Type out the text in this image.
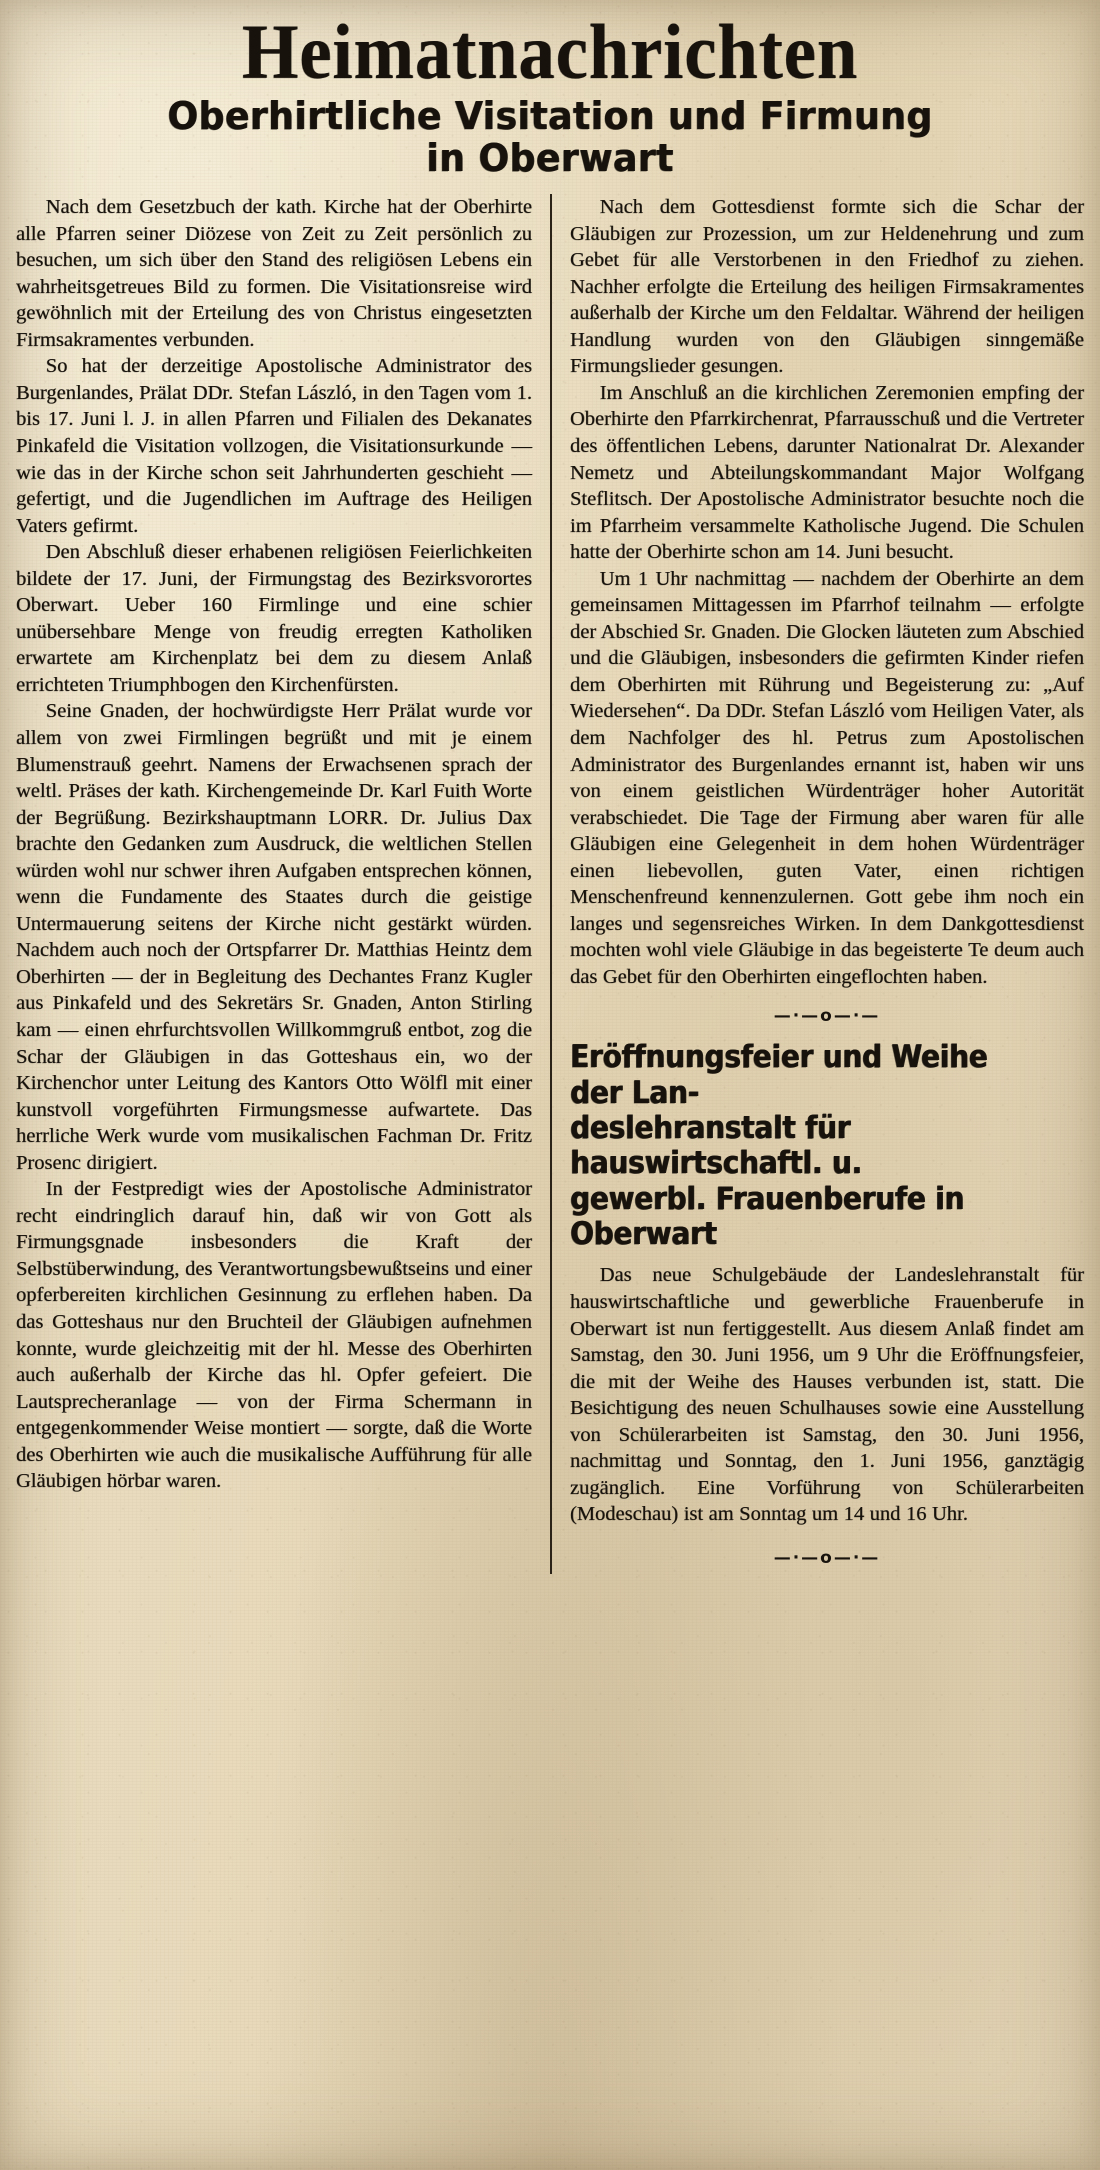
Heimatnachrichten
Oberhirtliche Visitation und Firmung
in Oberwart

Nach dem Gesetzbuch der kath. Kirche hat der Oberhirte alle Pfarren seiner Diözese von Zeit zu Zeit persönlich zu besuchen, um sich über den Stand des religiösen Lebens ein wahrheitsgetreues Bild zu formen. Die Visitationsreise wird gewöhnlich mit der Erteilung des von Christus eingesetzten Firmsakramentes verbunden.

So hat der derzeitige Apostolische Administrator des Burgenlandes, Prälat DDr. Stefan László, in den Tagen vom 1. bis 17. Juni l. J. in allen Pfarren und Filialen des Dekanates Pinkafeld die Visitation vollzogen, die Visitationsurkunde — wie das in der Kirche schon seit Jahrhunderten geschieht — gefertigt, und die Jugendlichen im Auftrage des Heiligen Vaters gefirmt.

Den Abschluß dieser erhabenen religiösen Feierlichkeiten bildete der 17. Juni, der Firmungstag des Bezirksvorortes Oberwart. Ueber 160 Firmlinge und eine schier unübersehbare Menge von freudig erregten Katholiken erwartete am Kirchenplatz bei dem zu diesem Anlaß errichteten Triumphbogen den Kirchenfürsten.

Seine Gnaden, der hochwürdigste Herr Prälat wurde vor allem von zwei Firmlingen begrüßt und mit je einem Blumenstrauß geehrt. Namens der Erwachsenen sprach der weltl. Präses der kath. Kirchengemeinde Dr. Karl Fuith Worte der Begrüßung. Bezirkshauptmann LORR. Dr. Julius Dax brachte den Gedanken zum Ausdruck, die weltlichen Stellen würden wohl nur schwer ihren Aufgaben entsprechen können, wenn die Fundamente des Staates durch die geistige Untermauerung seitens der Kirche nicht gestärkt würden. Nachdem auch noch der Ortspfarrer Dr. Matthias Heintz dem Oberhirten — der in Begleitung des Dechantes Franz Kugler aus Pinkafeld und des Sekretärs Sr. Gnaden, Anton Stirling kam — einen ehrfurchtsvollen Willkommgruß entbot, zog die Schar der Gläubigen in das Gotteshaus ein, wo der Kirchenchor unter Leitung des Kantors Otto Wölfl mit einer kunstvoll vorgeführten Firmungsmesse aufwartete. Das herrliche Werk wurde vom musikalischen Fachman Dr. Fritz Prosenc dirigiert.

In der Festpredigt wies der Apostolische Administrator recht eindringlich darauf hin, daß wir von Gott als Firmungsgnade insbesonders die Kraft der Selbstüberwindung, des Verantwortungsbewußtseins und einer opferbereiten kirchlichen Gesinnung zu erflehen haben. Da das Gotteshaus nur den Bruchteil der Gläubigen aufnehmen konnte, wurde gleichzeitig mit der hl. Messe des Oberhirten auch außerhalb der Kirche das hl. Opfer gefeiert. Die Lautsprecheranlage — von der Firma Schermann in entgegenkommender Weise montiert — sorgte, daß die Worte des Oberhirten wie auch die musikalische Aufführung für alle Gläubigen hörbar waren.

Nach dem Gottesdienst formte sich die Schar der Gläubigen zur Prozession, um zur Heldenehrung und zum Gebet für alle Verstorbenen in den Friedhof zu ziehen. Nachher erfolgte die Erteilung des heiligen Firmsakramentes außerhalb der Kirche um den Feldaltar. Während der heiligen Handlung wurden von den Gläubigen sinngemäße Firmungslieder gesungen.

Im Anschluß an die kirchlichen Zeremonien empfing der Oberhirte den Pfarrkirchenrat, Pfarrausschuß und die Vertreter des öffentlichen Lebens, darunter Nationalrat Dr. Alexander Nemetz und Abteilungskommandant Major Wolfgang Steflitsch. Der Apostolische Administrator besuchte noch die im Pfarrheim versammelte Katholische Jugend. Die Schulen hatte der Oberhirte schon am 14. Juni besucht.

Um 1 Uhr nachmittag — nachdem der Oberhirte an dem gemeinsamen Mittagessen im Pfarrhof teilnahm — erfolgte der Abschied Sr. Gnaden. Die Glocken läuteten zum Abschied und die Gläubigen, insbesonders die gefirmten Kinder riefen dem Oberhirten mit Rührung und Begeisterung zu: „Auf Wiedersehen“. Da DDr. Stefan László vom Heiligen Vater, als dem Nachfolger des hl. Petrus zum Apostolischen Administrator des Burgenlandes ernannt ist, haben wir uns von einem geistlichen Würdenträger hoher Autorität verabschiedet. Die Tage der Firmung aber waren für alle Gläubigen eine Gelegenheit in dem hohen Würdenträger einen liebevollen, guten Vater, einen richtigen Menschenfreund kennenzulernen. Gott gebe ihm noch ein langes und segensreiches Wirken. In dem Dankgottesdienst mochten wohl viele Gläubige in das begeisterte Te deum auch das Gebet für den Oberhirten eingeflochten haben.

—·—o—·—
Eröffnungsfeier und Weihe der Lan-
deslehranstalt für hauswirtschaftl. u.
gewerbl. Frauenberufe in Oberwart

Das neue Schulgebäude der Landeslehranstalt für hauswirtschaftliche und gewerbliche Frauenberufe in Oberwart ist nun fertiggestellt. Aus diesem Anlaß findet am Samstag, den 30. Juni 1956, um 9 Uhr die Eröffnungsfeier, die mit der Weihe des Hauses verbunden ist, statt. Die Besichtigung des neuen Schulhauses sowie eine Ausstellung von Schülerarbeiten ist Samstag, den 30. Juni 1956, nachmittag und Sonntag, den 1. Juni 1956, ganztägig zugänglich. Eine Vorführung von Schülerarbeiten (Modeschau) ist am Sonntag um 14 und 16 Uhr.

—·—o—·—
